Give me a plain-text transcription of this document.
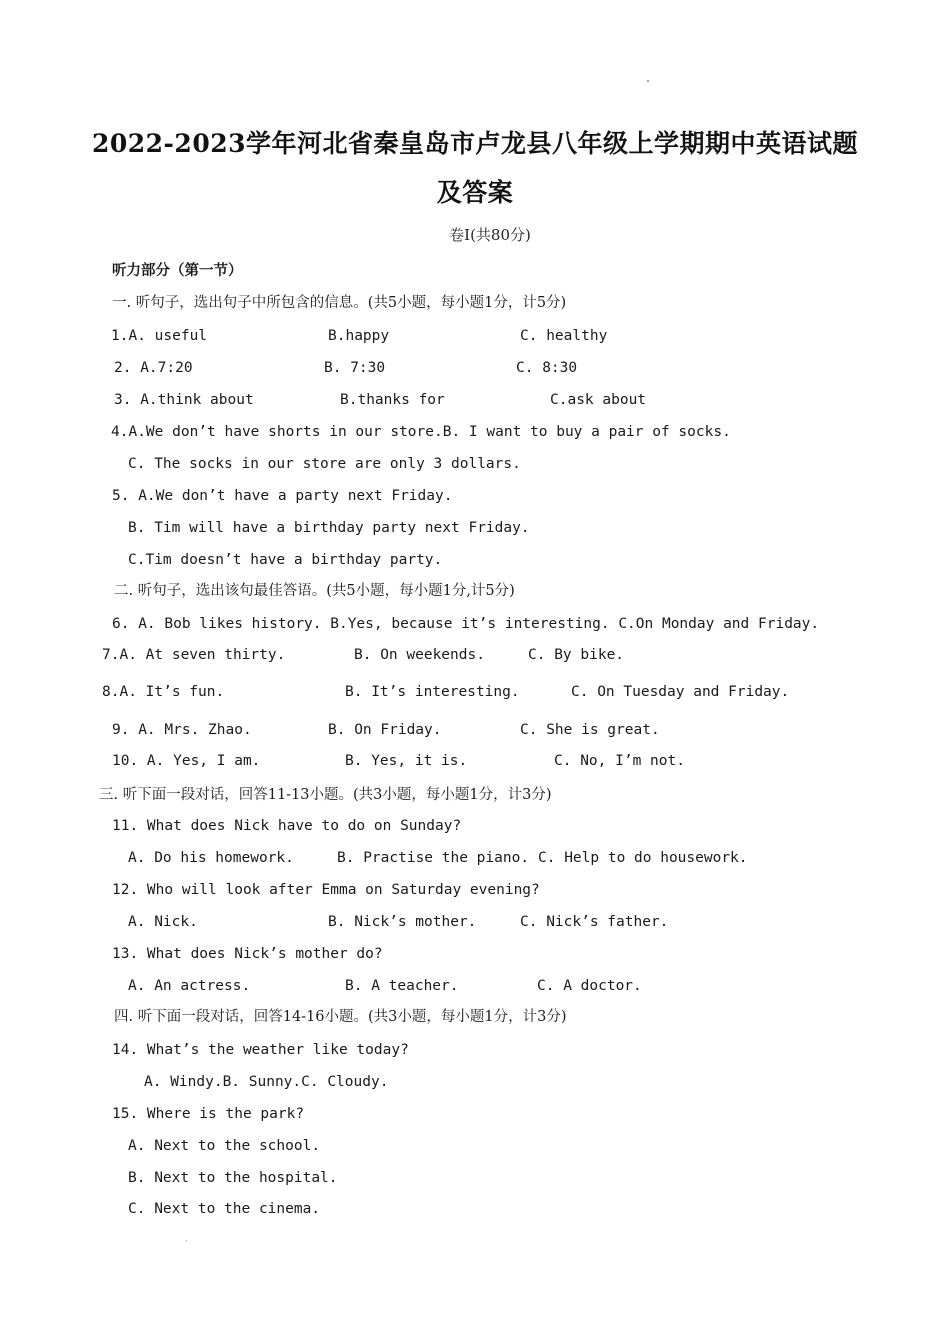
2022-2023学年河北省秦皇岛市卢龙县八年级上学期期中英语试题
及答案
卷Ⅰ(共80分)
听力部分（第一节）
一. 听句子，选出句子中所包含的信息。(共5小题，每小题1分，计5分)
1.A. useful	B.happy	C. healthy
2. A.7:20	B. 7:30	C. 8:30
3. A.think about	B.thanks for	C.ask about
4.A.We don’t have shorts in our store.B. I want to buy a pair of socks.
C. The socks in our store are only 3 dollars.
5. A.We don’t have a party next Friday.
B. Tim will have a birthday party next Friday.
C.Tim doesn’t have a birthday party.
二. 听句子，选出该句最佳答语。(共5小题，每小题1分,计5分)
6. A. Bob likes history. B.Yes, because it’s interesting. C.On Monday and Friday.
7.A. At seven thirty.	B. On weekends.	C. By bike.
8.A. It’s fun.	B. It’s interesting.	C. On Tuesday and Friday.
9. A. Mrs. Zhao.	B. On Friday.	C. She is great.
10. A. Yes, I am.	B. Yes, it is.	C. No, I’m not.
三. 听下面一段对话，回答11-13小题。(共3小题，每小题1分，计3分)
11. What does Nick have to do on Sunday?
A. Do his homework.	B. Practise the piano. C. Help to do housework.
12. Who will look after Emma on Saturday evening?
A. Nick.	B. Nick’s mother.	C. Nick’s father.
13. What does Nick’s mother do?
A. An actress.	B. A teacher.	C. A doctor.
四. 听下面一段对话，回答14-16小题。(共3小题，每小题1分，计3分)
14. What’s the weather like today?
A. Windy.B. Sunny.C. Cloudy.
15. Where is the park?
A. Next to the school.
B. Next to the hospital.
C. Next to the cinema.
